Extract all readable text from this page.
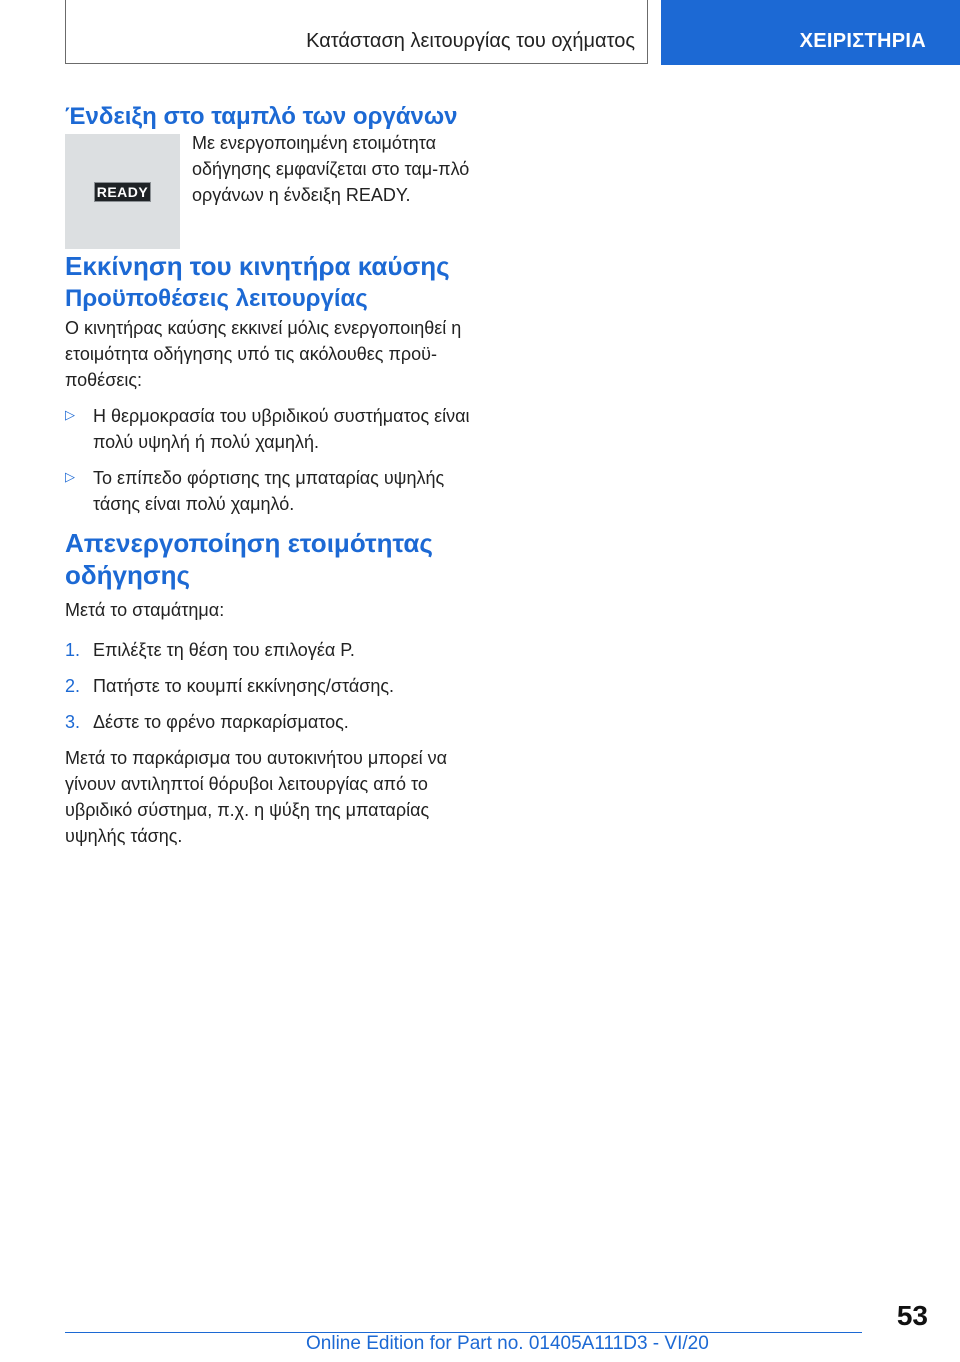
Κατάσταση λειτουργίας του οχήματος	ΧΕΙΡΙΣΤΗΡΙΑ
Ένδειξη στο ταμπλό των οργάνων
READY
Με ενεργοποιημένη ετοιμότητα οδήγησης εμφανίζεται στο ταμ-πλό οργάνων η ένδειξη READY.
Εκκίνηση του κινητήρα καύσης
Προϋποθέσεις λειτουργίας

Ο κινητήρας καύσης εκκινεί μόλις ενεργοποιηθεί η ετοιμότητα οδήγησης υπό τις ακόλουθες προϋ-ποθέσεις:

▷	Η θερμοκρασία του υβριδικού συστήματος είναι πολύ υψηλή ή πολύ χαμηλή.

▷	Το επίπεδο φόρτισης της μπαταρίας υψηλής τάσης είναι πολύ χαμηλό.

Απενεργοποίηση ετοιμότητας οδήγησης

Μετά το σταμάτημα:

1. Επιλέξτε τη θέση του επιλογέα P.

2. Πατήστε το κουμπί εκκίνησης/στάσης.

3. Δέστε το φρένο παρκαρίσματος.

Μετά το παρκάρισμα του αυτοκινήτου μπορεί να γίνουν αντιληπτοί θόρυβοι λειτουργίας από το υβριδικό σύστημα, π.χ. η ψύξη της μπαταρίας υψηλής τάσης.

53
Online Edition for Part no. 01405A111D3 - VI/20
